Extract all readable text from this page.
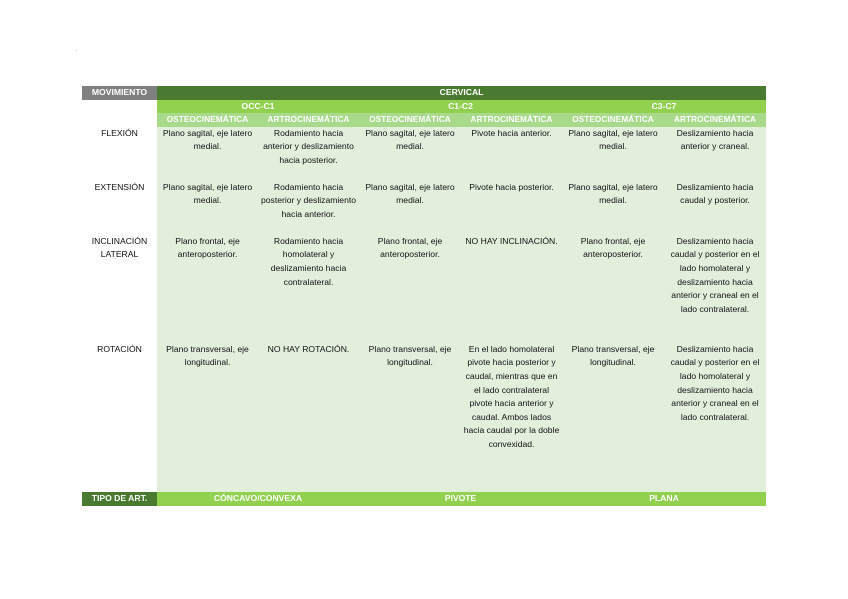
MOVIMIENTO	CERVICAL					
	OCC-C1		C1-C2		C3-C7	
	OSTEOCINEMÁTICA	ARTROCINEMÁTICA	OSTEOCINEMÁTICA	ARTROCINEMÁTICA	OSTEOCINEMÁTICA	ARTROCINEMÁTICA
FLEXIÓN	Plano sagital, eje latero medial.	Rodamiento hacia anterior y deslizamiento hacia posterior.	Plano sagital, eje latero medial.	Pivote hacia anterior.	Plano sagital, eje latero medial.	Deslizamiento hacia anterior y craneal.
EXTENSIÓN	Plano sagital, eje latero medial.	Rodamiento hacia posterior y deslizamiento hacia anterior.	Plano sagital, eje latero medial.	Pivote hacia posterior.	Plano sagital, eje latero medial.	Deslizamiento hacia caudal y posterior.
INCLINACIÓN LATERAL	Plano frontal, eje anteroposterior.	Rodamiento hacia homolateral y deslizamiento hacia contralateral.	Plano frontal, eje anteroposterior.	NO HAY INCLINACIÓN.	Plano frontal, eje anteroposterior.	Deslizamiento hacia caudal y posterior en el lado homolateral y deslizamiento hacia anterior y craneal en el lado contralateral.
ROTACIÓN	Plano transversal, eje longitudinal.	NO HAY ROTACIÓN.	Plano transversal, eje longitudinal.	En el lado homolateral pivote hacia posterior y caudal, mientras que en el lado contralateral pivote hacia anterior y caudal. Ambos lados hacia caudal por la doble convexidad.	Plano transversal, eje longitudinal.	Deslizamiento hacia caudal y posterior en el lado homolateral y deslizamiento hacia anterior y craneal en el lado contralateral.
TIPO DE ART.	CÓNCAVO/CONVEXA		PIVOTE		PLANA	
